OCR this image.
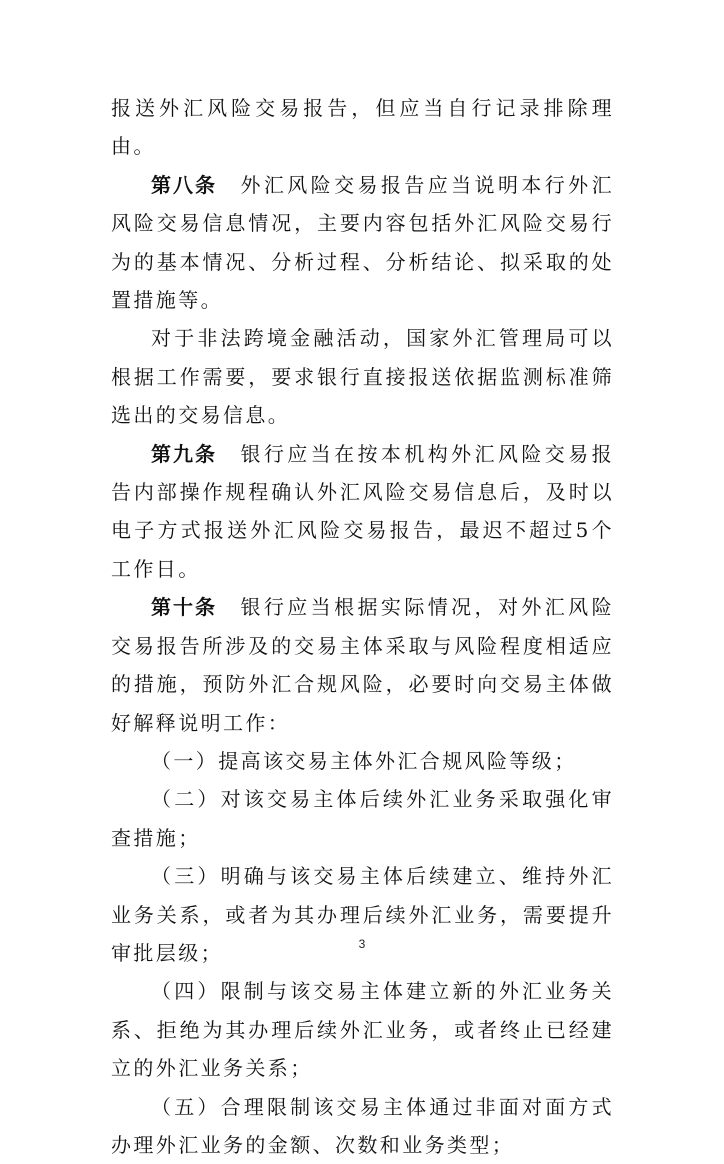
报送外汇风险交易报告，但应当自行记录排除理由。

第八条  外汇风险交易报告应当说明本行外汇风险交易信息情况，主要内容包括外汇风险交易行为的基本情况、分析过程、分析结论、拟采取的处置措施等。

对于非法跨境金融活动，国家外汇管理局可以根据工作需要，要求银行直接报送依据监测标准筛选出的交易信息。

第九条  银行应当在按本机构外汇风险交易报告内部操作规程确认外汇风险交易信息后，及时以电子方式报送外汇风险交易报告，最迟不超过5个工作日。

第十条  银行应当根据实际情况，对外汇风险交易报告所涉及的交易主体采取与风险程度相适应的措施，预防外汇合规风险，必要时向交易主体做好解释说明工作：

（一）提高该交易主体外汇合规风险等级；

（二）对该交易主体后续外汇业务采取强化审查措施；

（三）明确与该交易主体后续建立、维持外汇业务关系，或者为其办理后续外汇业务，需要提升审批层级；

（四）限制与该交易主体建立新的外汇业务关系、拒绝为其办理后续外汇业务，或者终止已经建立的外汇业务关系；

（五）合理限制该交易主体通过非面对面方式办理外汇业务的金额、次数和业务类型；

3
